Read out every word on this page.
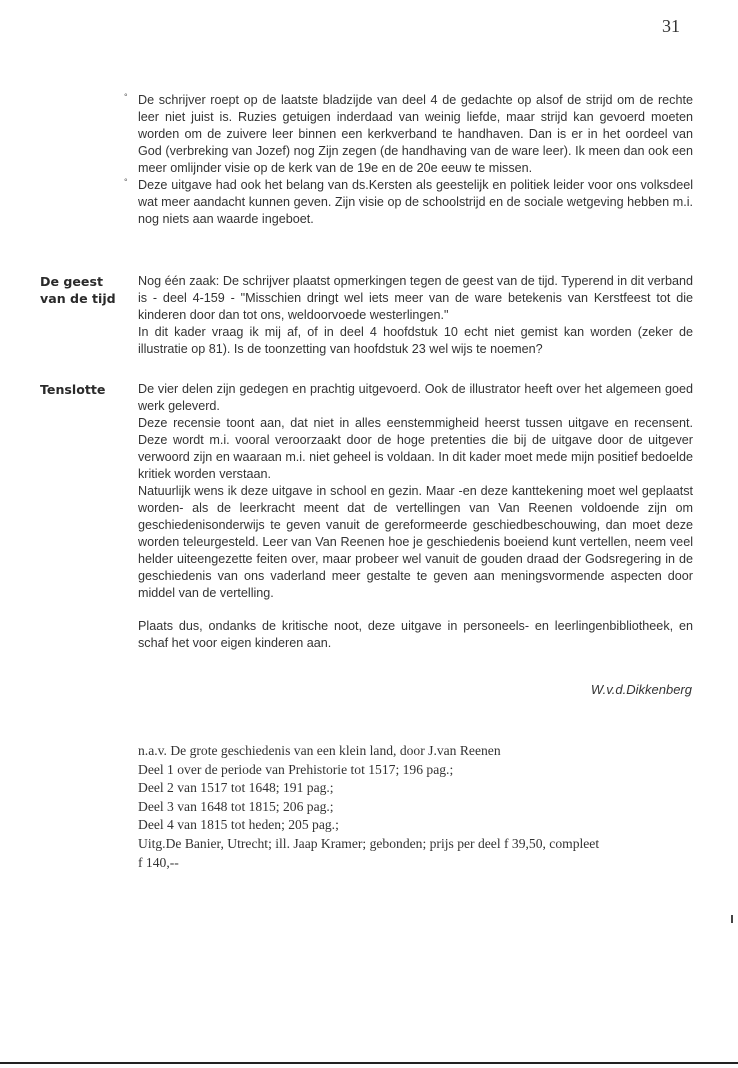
31

° De schrijver roept op de laatste bladzijde van deel 4 de gedachte op alsof de strijd om de rechte leer niet juist is. Ruzies getuigen inderdaad van weinig liefde, maar strijd kan gevoerd moeten worden om de zuivere leer binnen een kerkverband te handhaven. Dan is er in het oordeel van God (verbreking van Jozef) nog Zijn zegen (de handhaving van de ware leer). Ik meen dan ook een meer omlijnder visie op de kerk van de 19e en de 20e eeuw te missen.

° Deze uitgave had ook het belang van ds.Kersten als geestelijk en politiek leider voor ons volksdeel wat meer aandacht kunnen geven. Zijn visie op de schoolstrijd en de sociale wetgeving hebben m.i. nog niets aan waarde ingeboet.

De geest van de tijd

Nog één zaak: De schrijver plaatst opmerkingen tegen de geest van de tijd. Typerend in dit verband is - deel 4-159 - "Misschien dringt wel iets meer van de ware betekenis van Kerstfeest tot die kinderen door dan tot ons, weldoorvoede westerlingen."

In dit kader vraag ik mij af, of in deel 4 hoofdstuk 10 echt niet gemist kan worden (zeker de illustratie op 81). Is de toonzetting van hoofdstuk 23 wel wijs te noemen?

Tenslotte	De vier delen zijn gedegen en prachtig uitgevoerd. Ook de illustrator heeft over het algemeen goed werk geleverd.

Deze recensie toont aan, dat niet in alles eenstemmigheid heerst tussen uitgave en recensent. Deze wordt m.i. vooral veroorzaakt door de hoge pretenties die bij de uitgave door de uitgever verwoord zijn en waaraan m.i. niet geheel is voldaan. In dit kader moet mede mijn positief bedoelde kritiek worden verstaan.

Natuurlijk wens ik deze uitgave in school en gezin. Maar -en deze kanttekening moet wel geplaatst worden- als de leerkracht meent dat de vertellingen van Van Reenen voldoende zijn om geschiedenisonderwijs te geven vanuit de gereformeerde geschiedbeschouwing, dan moet deze worden teleurgesteld. Leer van Van Reenen hoe je geschiedenis boeiend kunt vertellen, neem veel helder uiteengezette feiten over, maar probeer wel vanuit de gouden draad der Godsregering in de geschiedenis van ons vaderland meer gestalte te geven aan meningsvormende aspecten door middel van de vertelling.

Plaats dus, ondanks de kritische noot, deze uitgave in personeels- en leerlingenbibliotheek, en schaf het voor eigen kinderen aan.

W.v.d.Dikkenberg
n.a.v. De grote geschiedenis van een klein land, door J.van Reenen
Deel 1 over de periode van Prehistorie tot 1517; 196 pag.;
Deel 2 van 1517 tot 1648; 191 pag.;
Deel 3 van 1648 tot 1815; 206 pag.;
Deel 4 van 1815 tot heden; 205 pag.;
Uitg.De Banier, Utrecht; ill. Jaap Kramer; gebonden; prijs per deel f 39,50, compleet
f 140,--
